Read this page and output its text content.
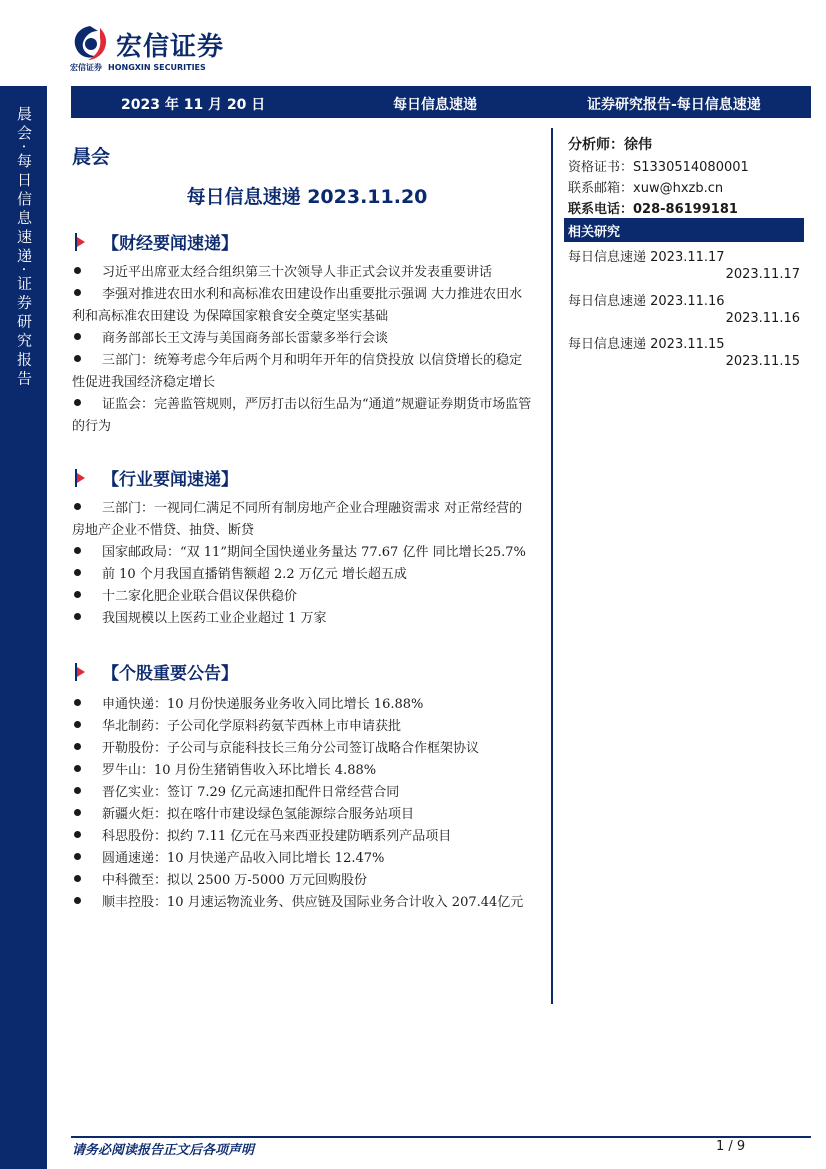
宏信证券
宏信证券 HONGXIN SECURITIES
晨会·每日信息速递·证券研究报告
2023 年 11 月 20 日	每日信息速递	证券研究报告-每日信息速递
晨会
每日信息速递 2023.11.20
【财经要闻速递】
习近平出席亚太经合组织第三十次领导人非正式会议并发表重要讲话
李强对推进农田水利和高标准农田建设作出重要批示强调 大力推进农田水利和高标准农田建设 为保障国家粮食安全奠定坚实基础
商务部部长王文涛与美国商务部长雷蒙多举行会谈
三部门：统筹考虑今年后两个月和明年开年的信贷投放 以信贷增长的稳定性促进我国经济稳定增长
证监会：完善监管规则，严厉打击以衍生品为“通道”规避证券期货市场监管的行为
【行业要闻速递】
三部门：一视同仁满足不同所有制房地产企业合理融资需求 对正常经营的房地产企业不惜贷、抽贷、断贷
国家邮政局：“双 11”期间全国快递业务量达 77.67 亿件 同比增长25.7%
前 10 个月我国直播销售额超 2.2 万亿元 增长超五成
十二家化肥企业联合倡议保供稳价
我国规模以上医药工业企业超过 1 万家
【个股重要公告】
申通快递：10 月份快递服务业务收入同比增长 16.88%
华北制药：子公司化学原料药氨苄西林上市申请获批
开勒股份：子公司与京能科技长三角分公司签订战略合作框架协议
罗牛山：10 月份生猪销售收入环比增长 4.88%
晋亿实业：签订 7.29 亿元高速扣配件日常经营合同
新疆火炬：拟在喀什市建设绿色氢能源综合服务站项目
科思股份：拟约 7.11 亿元在马来西亚投建防晒系列产品项目
圆通速递：10 月快递产品收入同比增长 12.47%
中科微至：拟以 2500 万-5000 万元回购股份
顺丰控股：10 月速运物流业务、供应链及国际业务合计收入 207.44亿元
分析师：徐伟
资格证书：S1330514080001
联系邮箱：xuw@hxzb.cn
联系电话：028-86199181
相关研究
每日信息速递 2023.11.17
2023.11.17
每日信息速递 2023.11.16
2023.11.16
每日信息速递 2023.11.15
2023.11.15
请务必阅读报告正文后各项声明	1 / 9
